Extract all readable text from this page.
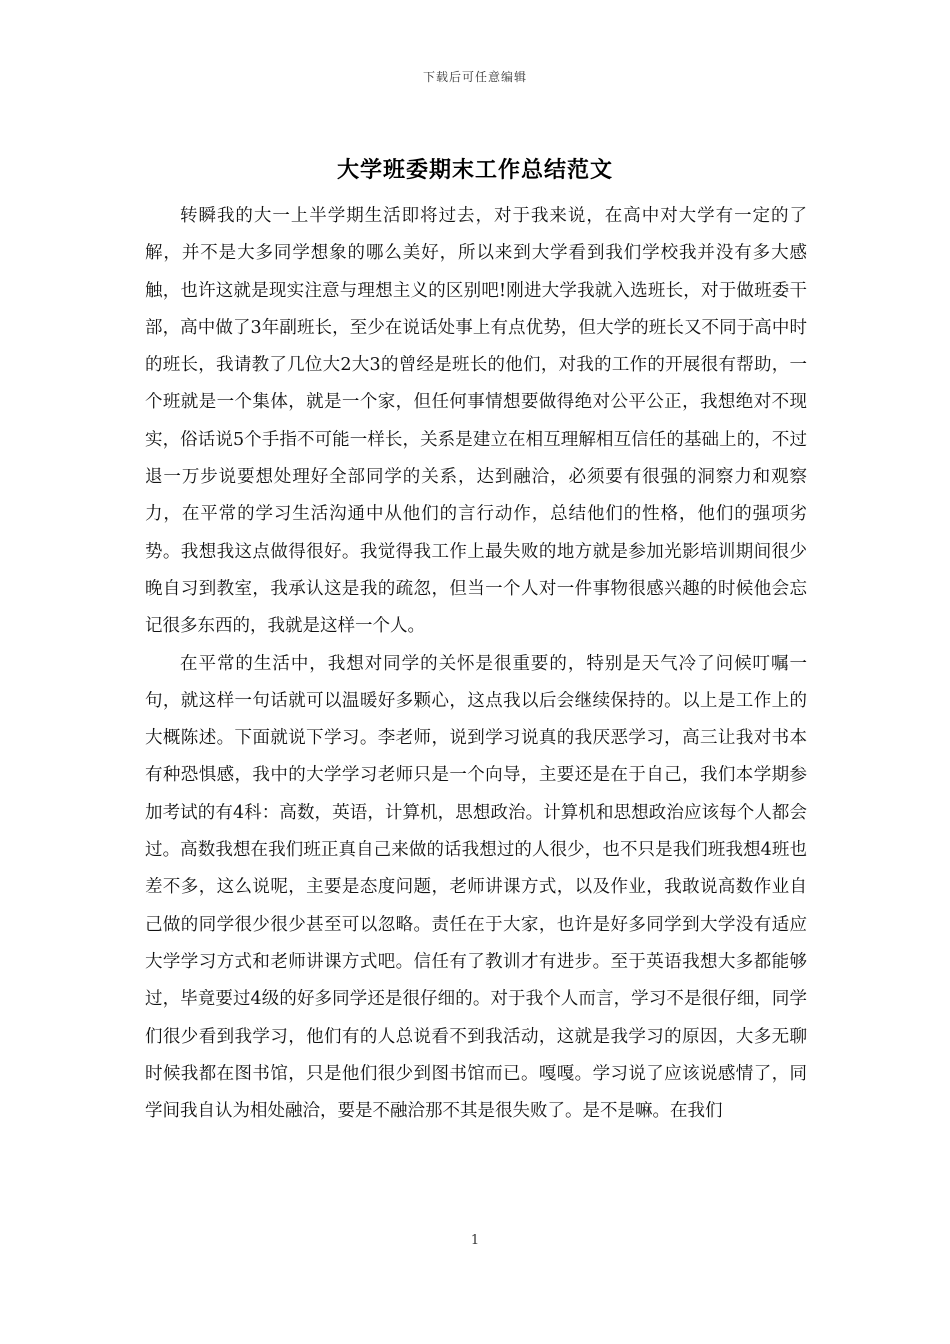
下载后可任意编辑
大学班委期末工作总结范文

转瞬我的大一上半学期生活即将过去，对于我来说，在高中对大学有一定的了解，并不是大多同学想象的哪么美好，所以来到大学看到我们学校我并没有多大感触，也许这就是现实注意与理想主义的区别吧!刚进大学我就入选班长，对于做班委干部，高中做了3年副班长，至少在说话处事上有点优势，但大学的班长又不同于高中时的班长，我请教了几位大2大3的曾经是班长的他们，对我的工作的开展很有帮助，一个班就是一个集体，就是一个家，但任何事情想要做得绝对公平公正，我想绝对不现实，俗话说5个手指不可能一样长，关系是建立在相互理解相互信任的基础上的，不过退一万步说要想处理好全部同学的关系，达到融洽，必须要有很强的洞察力和观察力，在平常的学习生活沟通中从他们的言行动作，总结他们的性格，他们的强项劣势。我想我这点做得很好。我觉得我工作上最失败的地方就是参加光影培训期间很少晚自习到教室，我承认这是我的疏忽，但当一个人对一件事物很感兴趣的时候他会忘记很多东西的，我就是这样一个人。

在平常的生活中，我想对同学的关怀是很重要的，特别是天气冷了问候叮嘱一句，就这样一句话就可以温暖好多颗心，这点我以后会继续保持的。以上是工作上的大概陈述。下面就说下学习。李老师，说到学习说真的我厌恶学习，高三让我对书本有种恐惧感，我中的大学学习老师只是一个向导，主要还是在于自己，我们本学期参加考试的有4科：高数，英语，计算机，思想政治。计算机和思想政治应该每个人都会过。高数我想在我们班正真自己来做的话我想过的人很少，也不只是我们班我想4班也差不多，这么说呢，主要是态度问题，老师讲课方式，以及作业，我敢说高数作业自己做的同学很少很少甚至可以忽略。责任在于大家，也许是好多同学到大学没有适应大学学习方式和老师讲课方式吧。信任有了教训才有进步。至于英语我想大多都能够过，毕竟要过4级的好多同学还是很仔细的。对于我个人而言，学习不是很仔细，同学们很少看到我学习，他们有的人总说看不到我活动，这就是我学习的原因，大多无聊时候我都在图书馆，只是他们很少到图书馆而已。嘎嘎。学习说了应该说感情了，同学间我自认为相处融洽，要是不融洽那不其是很失败了。是不是嘛。在我们

1
